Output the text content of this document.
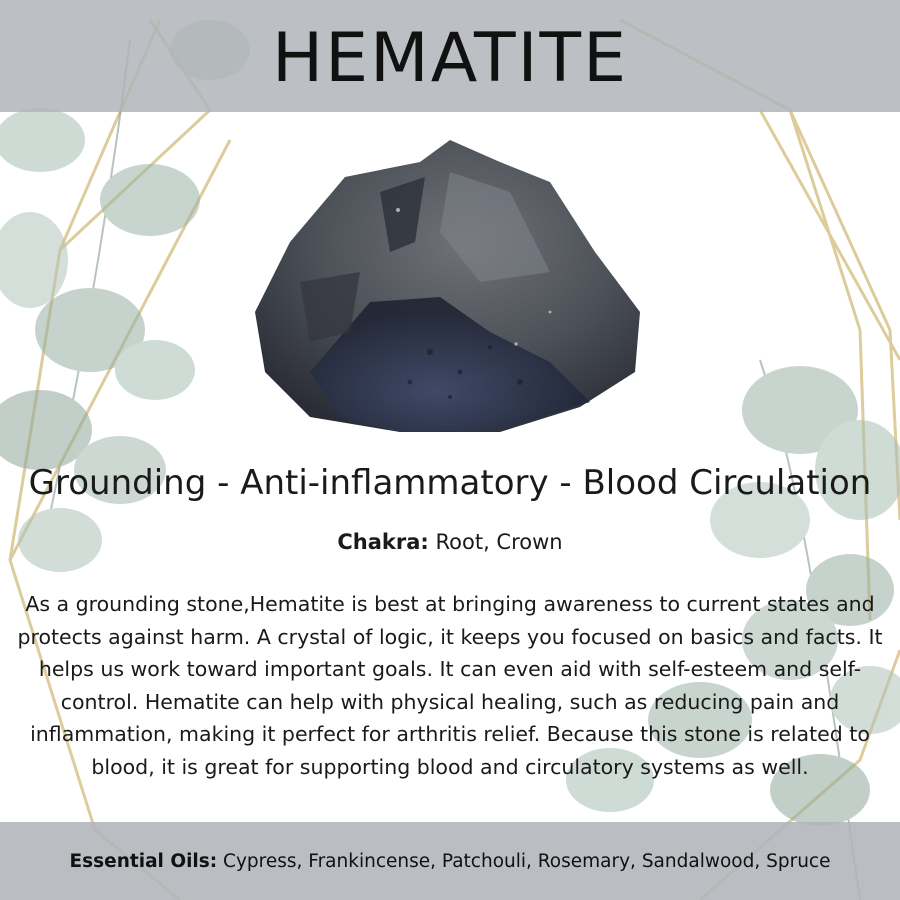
HEMATITE
Grounding - Anti-inflammatory - Blood Circulation
Chakra: Root, Crown
As a grounding stone,Hematite is best at bringing awareness to current states and protects against harm. A crystal of logic, it keeps you focused on basics and facts. It helps us work toward important goals. It can even aid with self-esteem and self-control. Hematite can help with physical healing, such as reducing pain and inflammation, making it perfect for arthritis relief. Because this stone is related to blood, it is great for supporting blood and circulatory systems as well.
Essential Oils: Cypress, Frankincense, Patchouli, Rosemary, Sandalwood, Spruce
